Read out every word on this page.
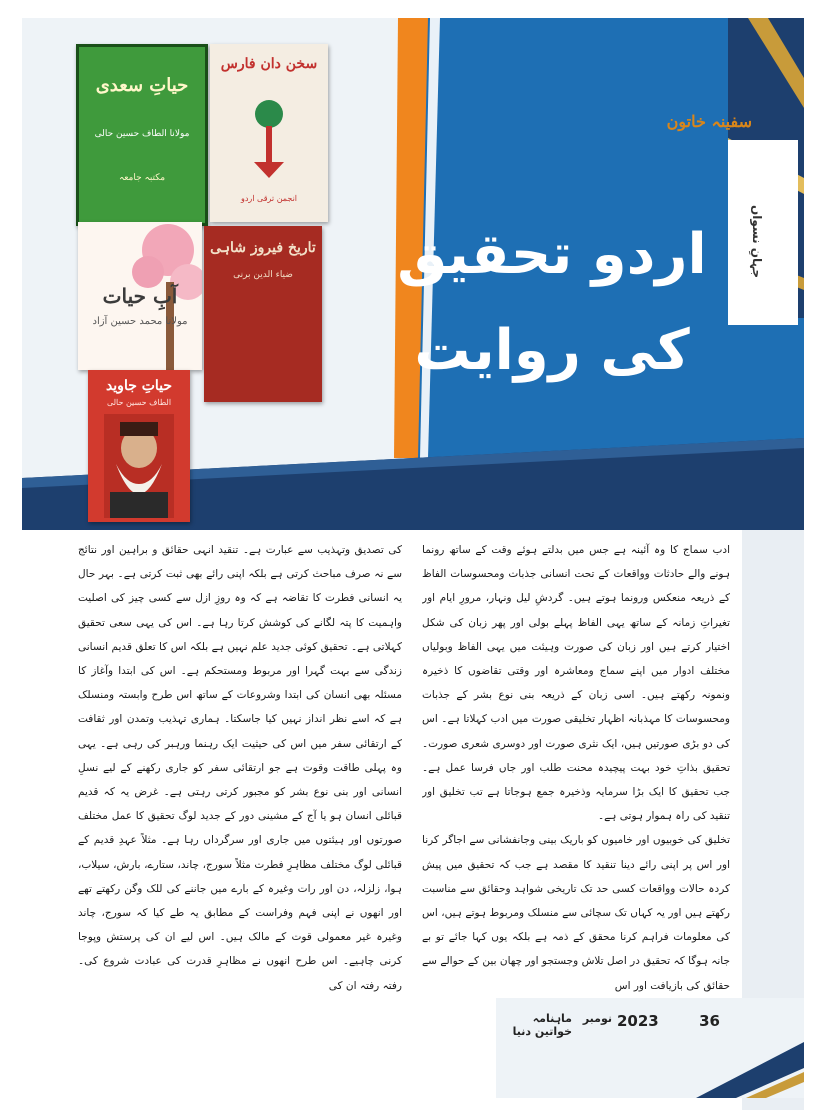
سفینہ خاتون
جہانِ نسواں
اردو تحقیق
کی روایت
حیاتِ سعدی
مولانا الطاف حسین حالی
مکتبہ جامعہ
سخن دان فارس
انجمن ترقی اردو
آبِ حیات
مولانا محمد حسین آزاد
تاریخ فیروز شاہی
ضیاء الدین برنی
حیاتِ جاوید
الطاف حسین حالی

ادب سماج کا وہ آئینہ ہے جس میں بدلتے ہوئے وقت کے ساتھ رونما ہونے والے حادثات وواقعات کے تحت انسانی جذبات ومحسوسات الفاظ کے ذریعہ منعکس ورونما ہوتے ہیں۔ گردشِ لیل ونہار، مرورِ ایام اور تغیراتِ زمانہ کے ساتھ یہی الفاظ پہلے بولی اور پھر زبان کی شکل اختیار کرتے ہیں اور زبان کی صورت وہیئت میں یہی الفاظ وبولیاں مختلف ادوار میں اپنے سماج ومعاشرہ اور وقتی تقاضوں کا ذخیرہ ونمونہ رکھتے ہیں۔ اسی زبان کے ذریعہ بنی نوع بشر کے جذبات ومحسوسات کا مہذبانہ اظہار تخلیقی صورت میں ادب کہلاتا ہے۔ اس کی دو بڑی صورتیں ہیں، ایک نثری صورت اور دوسری شعری صورت۔ تحقیق بذاتِ خود بہت پیچیدہ محنت طلب اور جاں فرسا عمل ہے۔ جب تحقیق کا ایک بڑا سرمایہ وذخیرہ جمع ہوجاتا ہے تب تخلیق اور تنقید کی راہ ہموار ہوتی ہے۔

تخلیق کی خوبیوں اور خامیوں کو باریک بینی وجانفشانی سے اجاگر کرنا اور اس پر اپنی رائے دینا تنقید کا مقصد ہے جب کہ تحقیق میں پیش کردہ حالات وواقعات کسی حد تک تاریخی شواہد وحقائق سے مناسبت رکھتے ہیں اور یہ کہاں تک سچائی سے منسلک ومربوط ہوتے ہیں، اس کی معلومات فراہم کرنا محقق کے ذمہ ہے بلکہ یوں کہا جائے تو بے جانہ ہوگا کہ تحقیق در اصل تلاش وجستجو اور چھان بین کے حوالے سے حقائق کی بازیافت اور اس

کی تصدیق وتہذیب سے عبارت ہے۔ تنقید انہی حقائق و براہین اور نتائج سے نہ صرف مباحث کرتی ہے بلکہ اپنی رائے بھی ثبت کرتی ہے۔ بہر حال یہ انسانی فطرت کا تقاضہ ہے کہ وہ روزِ ازل سے کسی چیز کی اصلیت واہمیت کا پتہ لگانے کی کوشش کرتا رہا ہے۔ اس کی یہی سعی تحقیق کہلاتی ہے۔ تحقیق کوئی جدید علم نہیں ہے بلکہ اس کا تعلق قدیم انسانی زندگی سے بہت گہرا اور مربوط ومستحکم ہے۔ اس کی ابتدا وآغاز کا مسئلہ بھی انسان کی ابتدا وشروعات کے ساتھ اس طرح وابستہ ومنسلک ہے کہ اسے نظر انداز نہیں کیا جاسکتا۔ ہماری تہذیب وتمدن اور ثقافت کے ارتقائی سفر میں اس کی حیثیت ایک رہنما ورہبر کی رہی ہے۔ یہی وہ پہلی طاقت وقوت ہے جو ارتقائی سفر کو جاری رکھنے کے لیے نسلِ انسانی اور بنی نوع بشر کو مجبور کرتی رہتی ہے۔ غرض یہ کہ قدیم قبائلی انسان ہو یا آج کے مشینی دور کے جدید لوگ تحقیق کا عمل مختلف صورتوں اور ہیئتوں میں جاری اور سرگرداں رہا ہے۔ مثلاً عہدِ قدیم کے قبائلی لوگ مختلف مظاہرِ فطرت مثلاً سورج، چاند، ستارے، بارش، سیلاب، ہوا، زلزلہ، دن اور رات وغیرہ کے بارے میں جاننے کی للک وگن رکھتے تھے اور انھوں نے اپنی فہم وفراست کے مطابق یہ طے کیا کہ سورج، چاند وغیرہ غیر معمولی قوت کے مالک ہیں۔ اس لیے ان کی پرستش وپوجا کرنی چاہیے۔ اس طرح انھوں نے مظاہرِ قدرت کی عبادت شروع کی۔ رفتہ رفتہ ان کی

36
2023
نومبر
ماہنامہ خواتین دنیا
